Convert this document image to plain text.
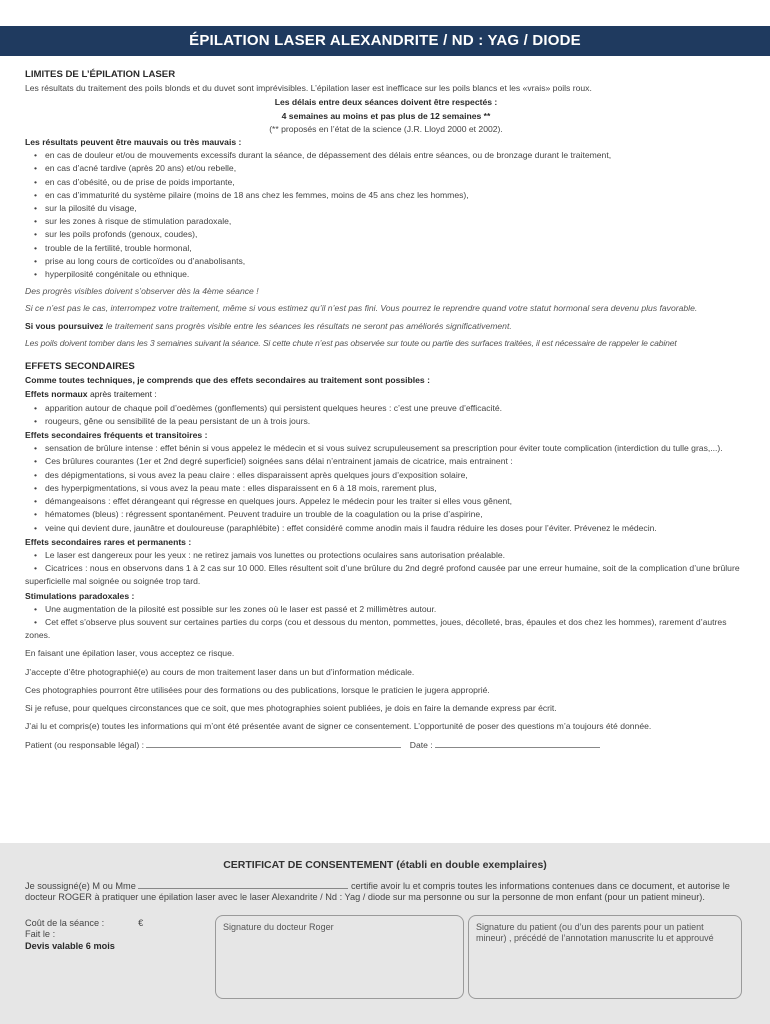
ÉPILATION LASER ALEXANDRITE / ND : YAG / DIODE

LIMITES DE L’ÉPILATION LASER

Les résultats du traitement des poils blonds et du duvet sont imprévisibles. L’épilation laser est inefficace sur les poils blancs et les «vrais» poils roux.

Les délais entre deux séances doivent être respectés :

4 semaines au moins et pas plus de 12 semaines **

(** proposés en l’état de la science (J.R. Lloyd 2000 et 2002).

Les résultats peuvent être mauvais ou très mauvais :

• en cas de douleur et/ou de mouvements excessifs durant la séance, de dépassement des délais entre séances, ou de bronzage durant le traitement,
• en cas d’acné tardive (après 20 ans) et/ou rebelle,
• en cas d’obésité, ou de prise de poids importante,
• en cas d’immaturité du système pilaire (moins de 18 ans chez les femmes, moins de 45 ans chez les hommes),
• sur la pilosité du visage,
• sur les zones à risque de stimulation paradoxale,
• sur les poils profonds (genoux, coudes),
• trouble de la fertilité, trouble hormonal,
• prise au long cours de corticoïdes ou d’anabolisants,
• hyperpilosité congénitale ou ethnique.

Des progrès visibles doivent s’observer dès la 4ème séance !

Si ce n’est pas le cas, interrompez votre traitement, même si vous estimez qu’il n’est pas fini. Vous pourrez le reprendre quand votre statut hormonal sera devenu plus favorable.

Si vous poursuivez le traitement sans progrès visible entre les séances les résultats ne seront pas améliorés significativement.

Les poils doivent tomber dans les 3 semaines suivant la séance. Si cette chute n’est pas observée sur toute ou partie des surfaces traitées, il est nécessaire de rappeler le cabinet

EFFETS SECONDAIRES

Comme toutes techniques, je comprends que des effets secondaires au traitement sont possibles :

Effets normaux après traitement :

• apparition autour de chaque poil d’oedèmes (gonflements) qui persistent quelques heures : c’est une preuve d’efficacité.
• rougeurs, gêne ou sensibilité de la peau persistant de un à trois jours.

Effets secondaires fréquents et transitoires :

• sensation de brûlure intense : effet bénin si vous appelez le médecin et si vous suivez scrupuleusement sa prescription pour éviter toute complication (interdiction du tulle gras,...).
• Ces brûlures courantes (1er et 2nd degré superficiel) soignées sans délai n’entrainent jamais de cicatrice, mais entrainent :
• des dépigmentations, si vous avez la peau claire : elles disparaissent après quelques jours d’exposition solaire,
• des hyperpigmentations, si vous avez la peau mate : elles disparaissent en 6 à 18 mois, rarement plus,
• démangeaisons : effet dérangeant qui régresse en quelques jours. Appelez le médecin pour les traiter si elles vous gênent,
• hématomes (bleus) : régressent spontanément. Peuvent traduire un trouble de la coagulation ou la prise d’aspirine,
• veine qui devient dure, jaunâtre et douloureuse (paraphlébite) : effet considéré comme anodin mais il faudra réduire les doses pour l’éviter. Prévenez le médecin.

Effets secondaires rares et permanents :

• Le laser est dangereux pour les yeux : ne retirez jamais vos lunettes ou protections oculaires sans autorisation préalable.
• Cicatrices : nous en observons dans 1 à 2 cas sur 10 000. Elles résultent soit d’une brûlure du 2nd degré profond causée par une erreur humaine, soit de la complication d’une brûlure superficielle mal soignée ou soignée trop tard.

Stimulations paradoxales :

• Une augmentation de la pilosité est possible sur les zones où le laser est passé et 2 millimètres autour.
• Cet effet s’observe plus souvent sur certaines parties du corps (cou et dessous du menton, pommettes, joues, décolleté, bras, épaules et dos chez les hommes), rarement d’autres zones.

En faisant une épilation laser, vous acceptez ce risque.

J’accepte d’être photographié(e) au cours de mon traitement laser dans un but d’information médicale.

Ces photographies pourront être utilisées pour des formations ou des publications, lorsque le praticien le jugera approprié.

Si je refuse, pour quelques circonstances que ce soit, que mes photographies soient publiées, je dois en faire la demande express par écrit.

J’ai lu et compris(e) toutes les informations qui m’ont été présentée avant de signer ce consentement. L’opportunité de poser des questions m’a toujours été donnée.

Patient (ou responsable légal) :	Date :

CERTIFICAT DE CONSENTEMENT (établi en double exemplaires)
Je soussigné(e) M ou Mme	certifie avoir lu et compris toutes les informations contenues dans ce document, et autorise le docteur ROGER à pratiquer une épilation laser avec le laser Alexandrite / Nd : Yag / diode sur ma personne ou sur la personne de mon enfant (pour un patient mineur).
Coût de la séance :	€
Fait le :
Devis valable 6 mois
Signature du docteur Roger	Signature du patient (ou d’un des parents pour un patient mineur) , précédé de l’annotation manuscrite lu et approuvé
